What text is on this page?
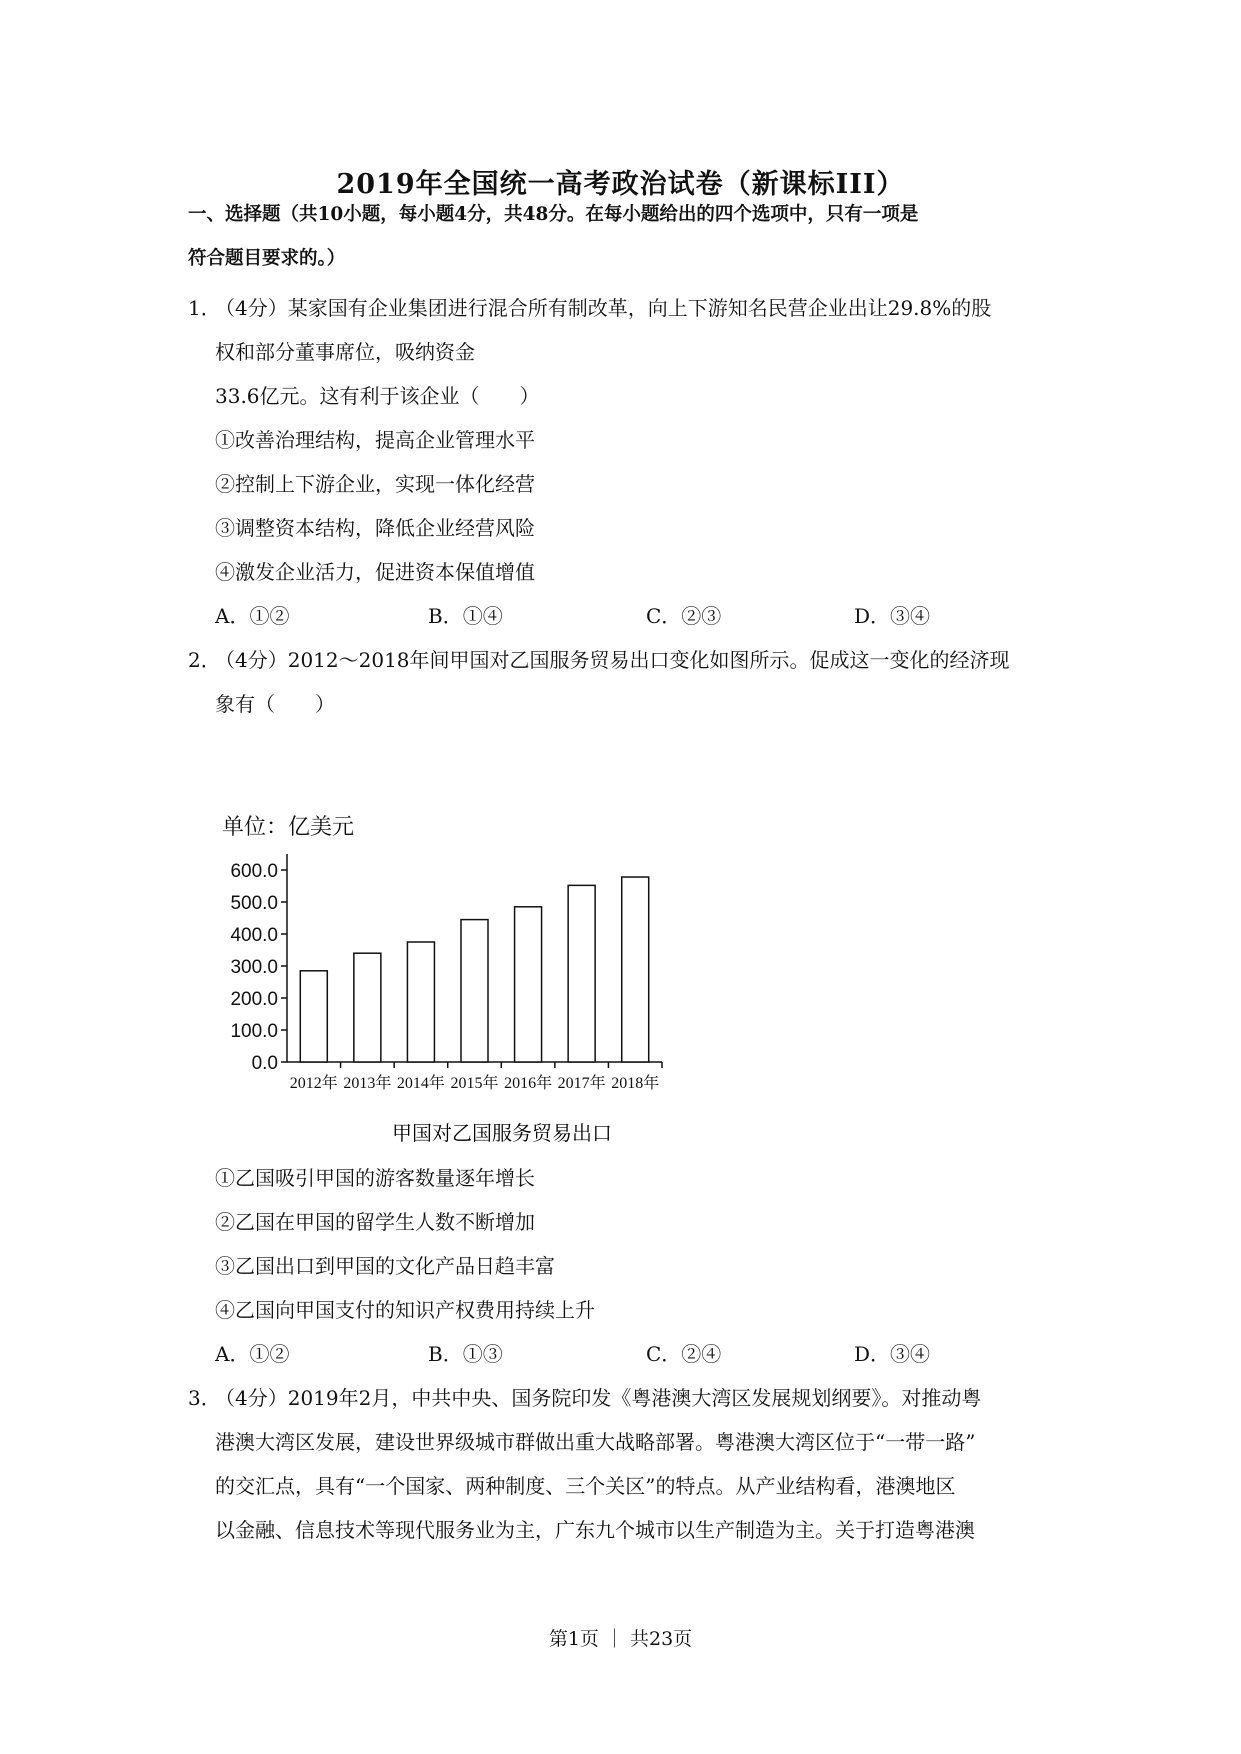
2019年全国统一高考政治试卷（新课标III）
一、选择题（共10小题，每小题4分，共48分。在每小题给出的四个选项中，只有一项是
符合题目要求的。）
1．
（4分）某家国有企业集团进行混合所有制改革，向上下游知名民营企业出让29.8%的股
权和部分董事席位，吸纳资金
33.6亿元。这有利于该企业（　　）
①改善治理结构，提高企业管理水平
②控制上下游企业，实现一体化经营
③调整资本结构，降低企业经营风险
④激发企业活力，促进资本保值增值
A．①②	B．①④	C．②③	D．③④
2．
（4分）2012～2018年间甲国对乙国服务贸易出口变化如图所示。促成这一变化的经济现
象有（　　）
单位：亿美元
600.0
500.0
400.0
300.0
200.0
100.0
0.0
2012年 2013年 2014年 2015年 2016年 2017年 2018年
甲国对乙国服务贸易出口
①乙国吸引甲国的游客数量逐年增长
②乙国在甲国的留学生人数不断增加
③乙国出口到甲国的文化产品日趋丰富
④乙国向甲国支付的知识产权费用持续上升
A．①②	B．①③	C．②④	D．③④
3．
（4分）2019年2月，中共中央、国务院印发《粤港澳大湾区发展规划纲要》。对推动粤
港澳大湾区发展，建设世界级城市群做出重大战略部署。粤港澳大湾区位于“一带一路”
的交汇点，具有“一个国家、两种制度、三个关区”的特点。从产业结构看，港澳地区
以金融、信息技术等现代服务业为主，广东九个城市以生产制造为主。关于打造粤港澳
第1页 ｜ 共23页
